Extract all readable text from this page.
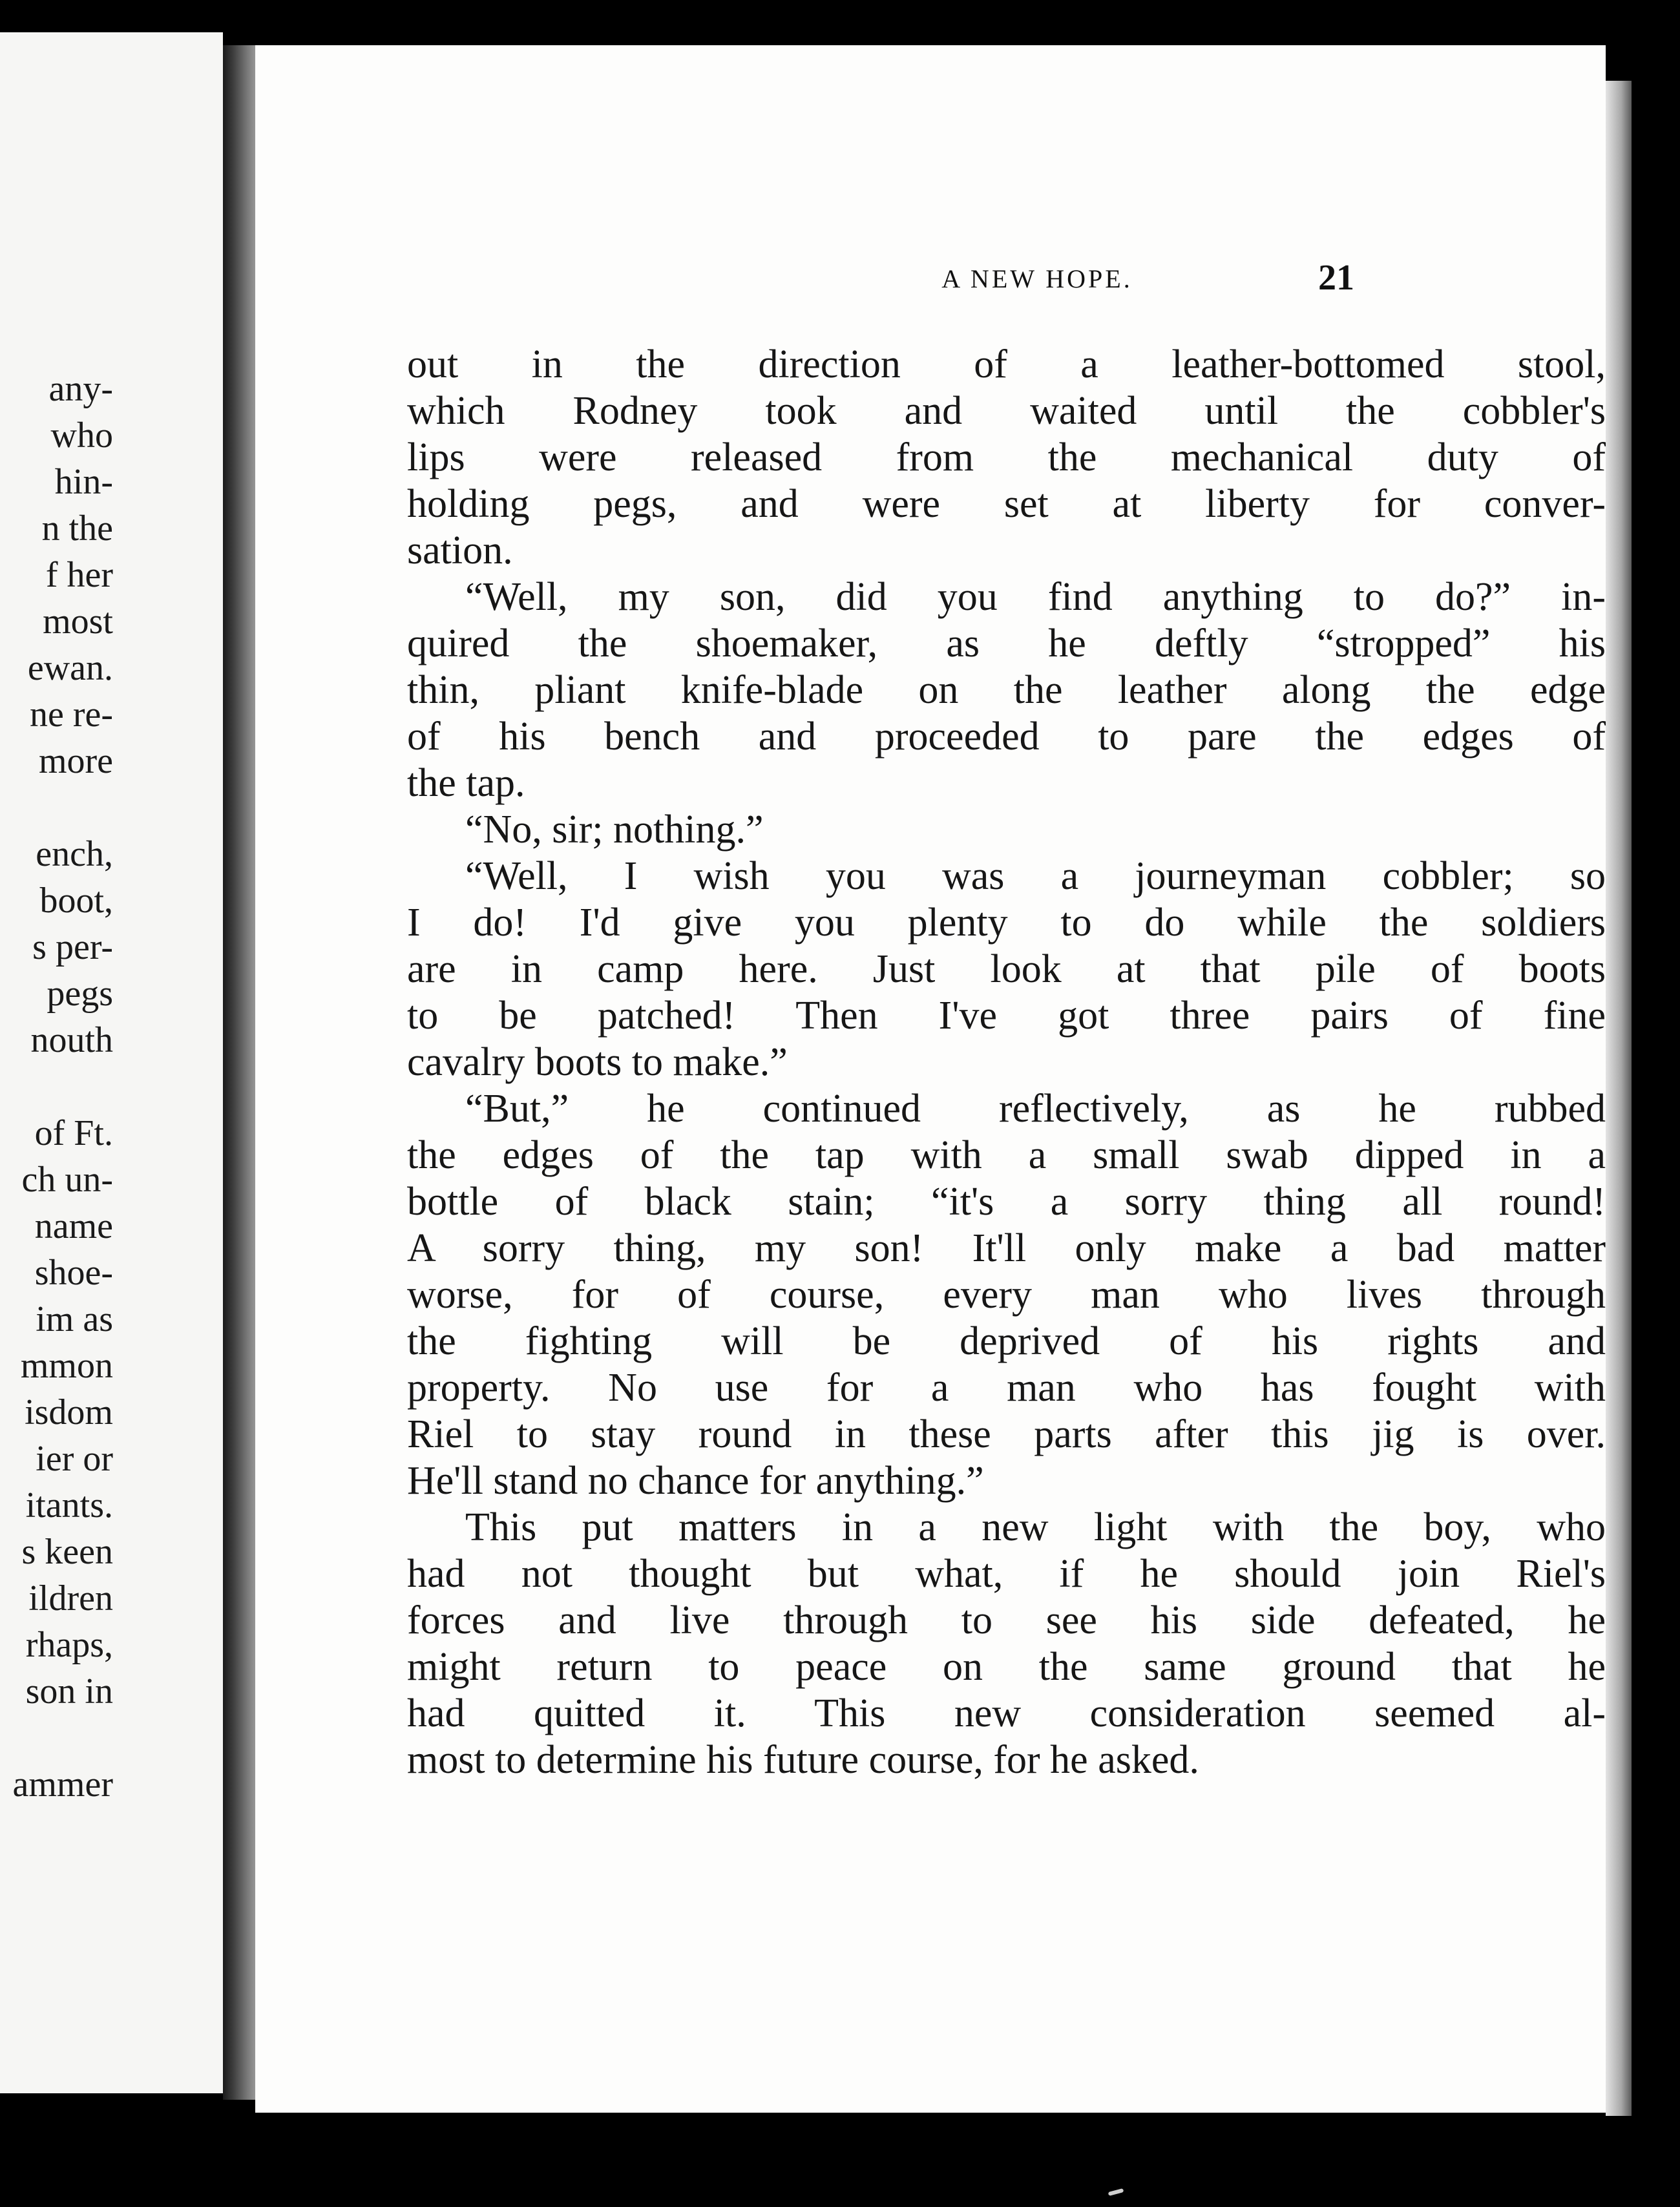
any-
who
hin-
n the
f her
most
ewan.
ne re-
more
ench,
boot,
s per-
pegs
nouth
of Ft.
ch un-
name
shoe-
im as
mmon
isdom
ier or
itants.
s keen
ildren
rhaps,
son in
ammer
A NEW HOPE.	21
out in the direction of a leather-bottomed stool,
which Rodney took and waited until the cobbler's
lips were released from the mechanical duty of
holding pegs, and were set at liberty for conver-
sation.
“Well, my son, did you find anything to do?” in-
quired the shoemaker, as he deftly “stropped” his
thin, pliant knife-blade on the leather along the edge
of his bench and proceeded to pare the edges of
the tap.
“No, sir; nothing.”
“Well, I wish you was a journeyman cobbler; so
I do! I'd give you plenty to do while the soldiers
are in camp here. Just look at that pile of boots
to be patched! Then I've got three pairs of fine
cavalry boots to make.”
“But,” he continued reflectively, as he rubbed
the edges of the tap with a small swab dipped in a
bottle of black stain; “it's a sorry thing all round!
A sorry thing, my son! It'll only make a bad matter
worse, for of course, every man who lives through
the fighting will be deprived of his rights and
property. No use for a man who has fought with
Riel to stay round in these parts after this jig is over.
He'll stand no chance for anything.”
This put matters in a new light with the boy, who
had not thought but what, if he should join Riel's
forces and live through to see his side defeated, he
might return to peace on the same ground that he
had quitted it. This new consideration seemed al-
most to determine his future course, for he asked.
